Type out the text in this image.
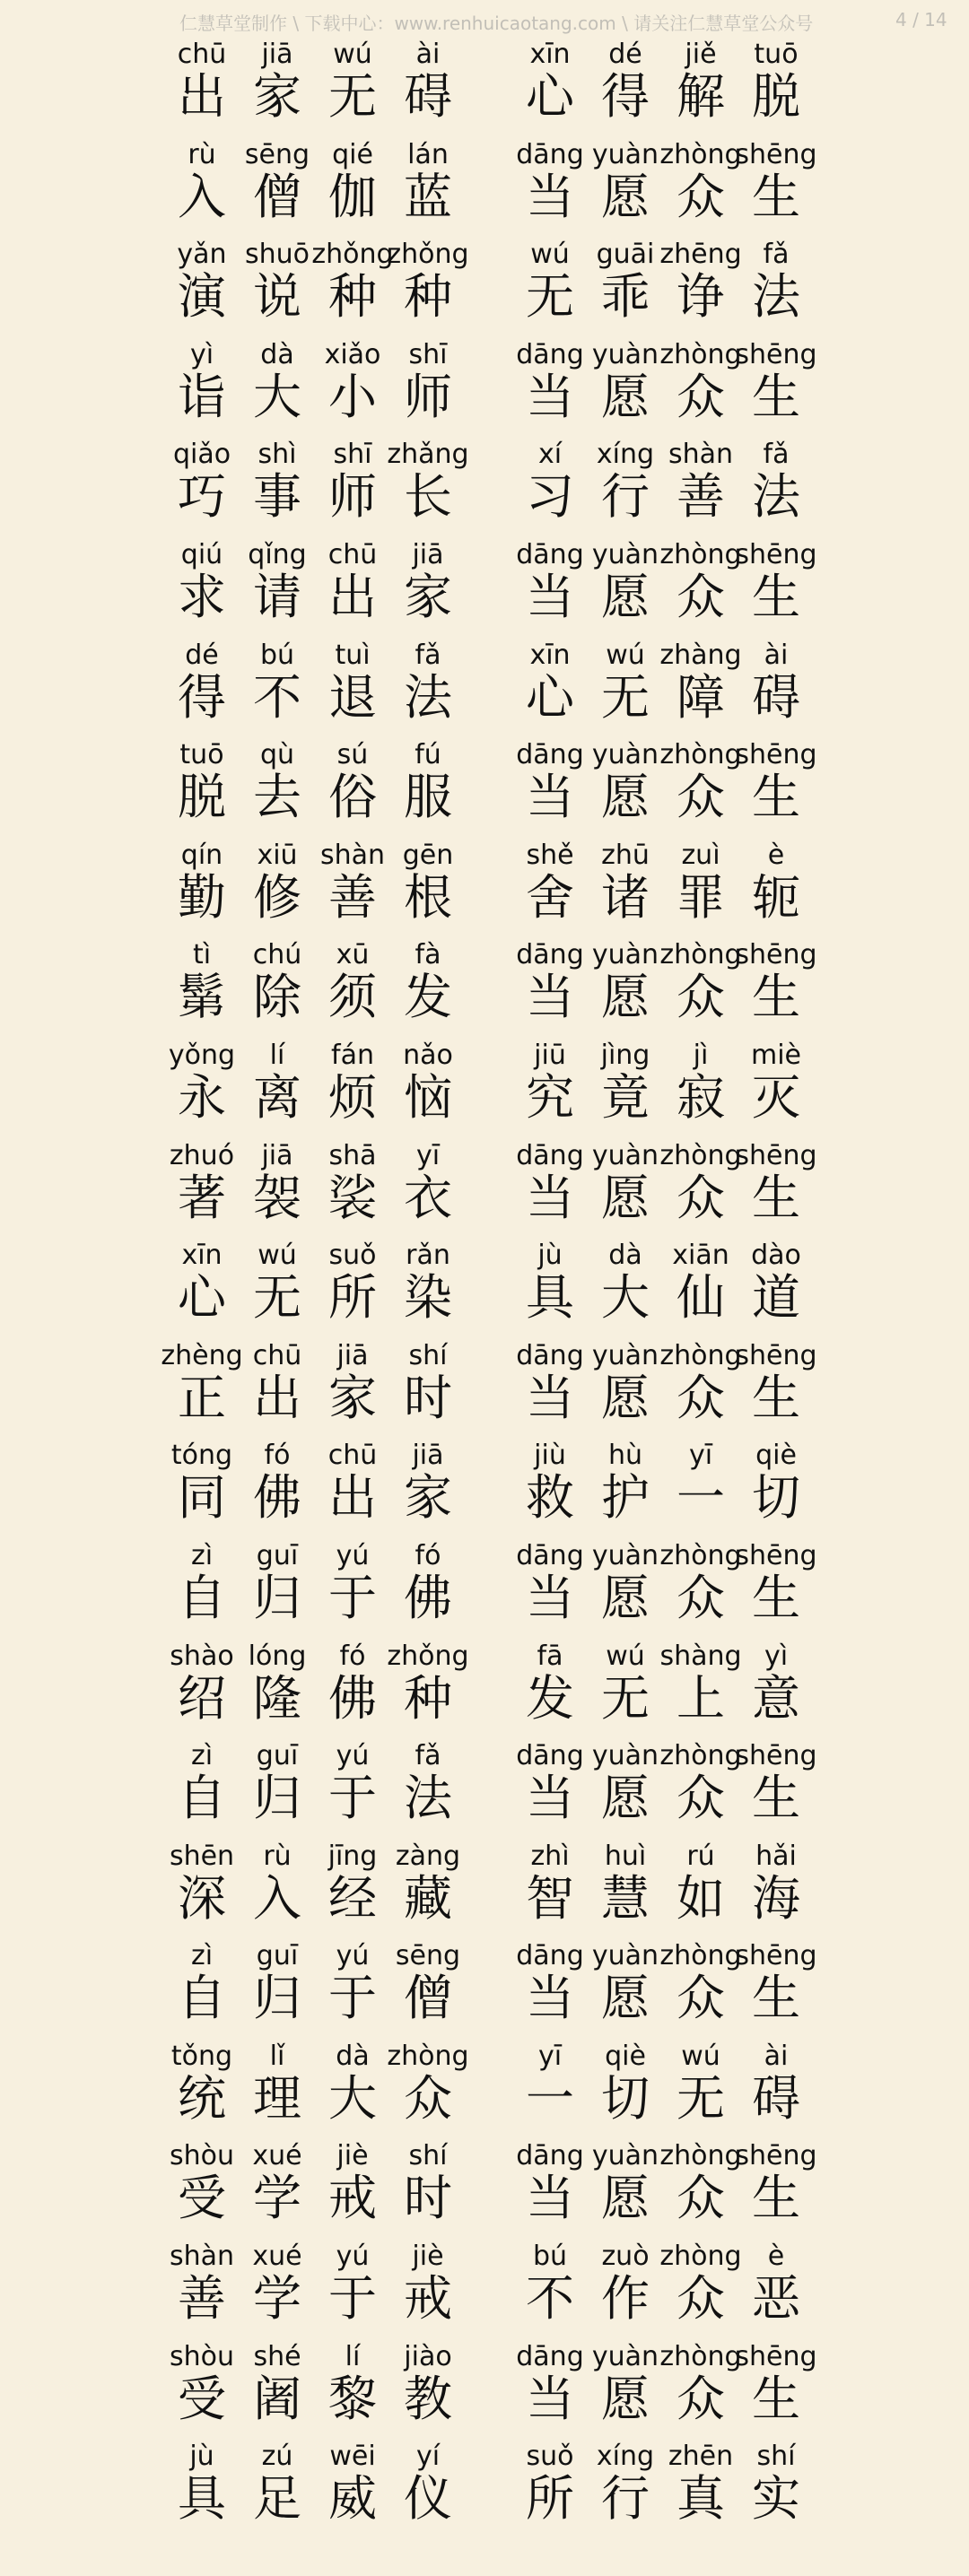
仁慧草堂制作 \ 下载中心：www.renhuicaotang.com \ 请关注仁慧草堂公众号	4 / 14
chū
出
jiā
家
wú
无
ài
碍
xīn
心
dé
得
jiě
解
tuō
脱
rù
入
sēng
僧
qié
伽
lán
蓝
dāng
当
yuàn
愿
zhòng
众
shēng
生
yǎn
演
shuō
说
zhǒng
种
zhǒng
种
wú
无
guāi
乖
zhēng
诤
fǎ
法
yì
诣
dà
大
xiǎo
小
shī
师
dāng
当
yuàn
愿
zhòng
众
shēng
生
qiǎo
巧
shì
事
shī
师
zhǎng
长
xí
习
xíng
行
shàn
善
fǎ
法
qiú
求
qǐng
请
chū
出
jiā
家
dāng
当
yuàn
愿
zhòng
众
shēng
生
dé
得
bú
不
tuì
退
fǎ
法
xīn
心
wú
无
zhàng
障
ài
碍
tuō
脱
qù
去
sú
俗
fú
服
dāng
当
yuàn
愿
zhòng
众
shēng
生
qín
勤
xiū
修
shàn
善
gēn
根
shě
舍
zhū
诸
zuì
罪
è
轭
tì
鬀
chú
除
xū
须
fà
发
dāng
当
yuàn
愿
zhòng
众
shēng
生
yǒng
永
lí
离
fán
烦
nǎo
恼
jiū
究
jìng
竟
jì
寂
miè
灭
zhuó
著
jiā
袈
shā
裟
yī
衣
dāng
当
yuàn
愿
zhòng
众
shēng
生
xīn
心
wú
无
suǒ
所
rǎn
染
jù
具
dà
大
xiān
仙
dào
道
zhèng
正
chū
出
jiā
家
shí
时
dāng
当
yuàn
愿
zhòng
众
shēng
生
tóng
同
fó
佛
chū
出
jiā
家
jiù
救
hù
护
yī
一
qiè
切
zì
自
guī
归
yú
于
fó
佛
dāng
当
yuàn
愿
zhòng
众
shēng
生
shào
绍
lóng
隆
fó
佛
zhǒng
种
fā
发
wú
无
shàng
上
yì
意
zì
自
guī
归
yú
于
fǎ
法
dāng
当
yuàn
愿
zhòng
众
shēng
生
shēn
深
rù
入
jīng
经
zàng
藏
zhì
智
huì
慧
rú
如
hǎi
海
zì
自
guī
归
yú
于
sēng
僧
dāng
当
yuàn
愿
zhòng
众
shēng
生
tǒng
统
lǐ
理
dà
大
zhòng
众
yī
一
qiè
切
wú
无
ài
碍
shòu
受
xué
学
jiè
戒
shí
时
dāng
当
yuàn
愿
zhòng
众
shēng
生
shàn
善
xué
学
yú
于
jiè
戒
bú
不
zuò
作
zhòng
众
è
恶
shòu
受
shé
阇
lí
黎
jiào
教
dāng
当
yuàn
愿
zhòng
众
shēng
生
jù
具
zú
足
wēi
威
yí
仪
suǒ
所
xíng
行
zhēn
真
shí
实
